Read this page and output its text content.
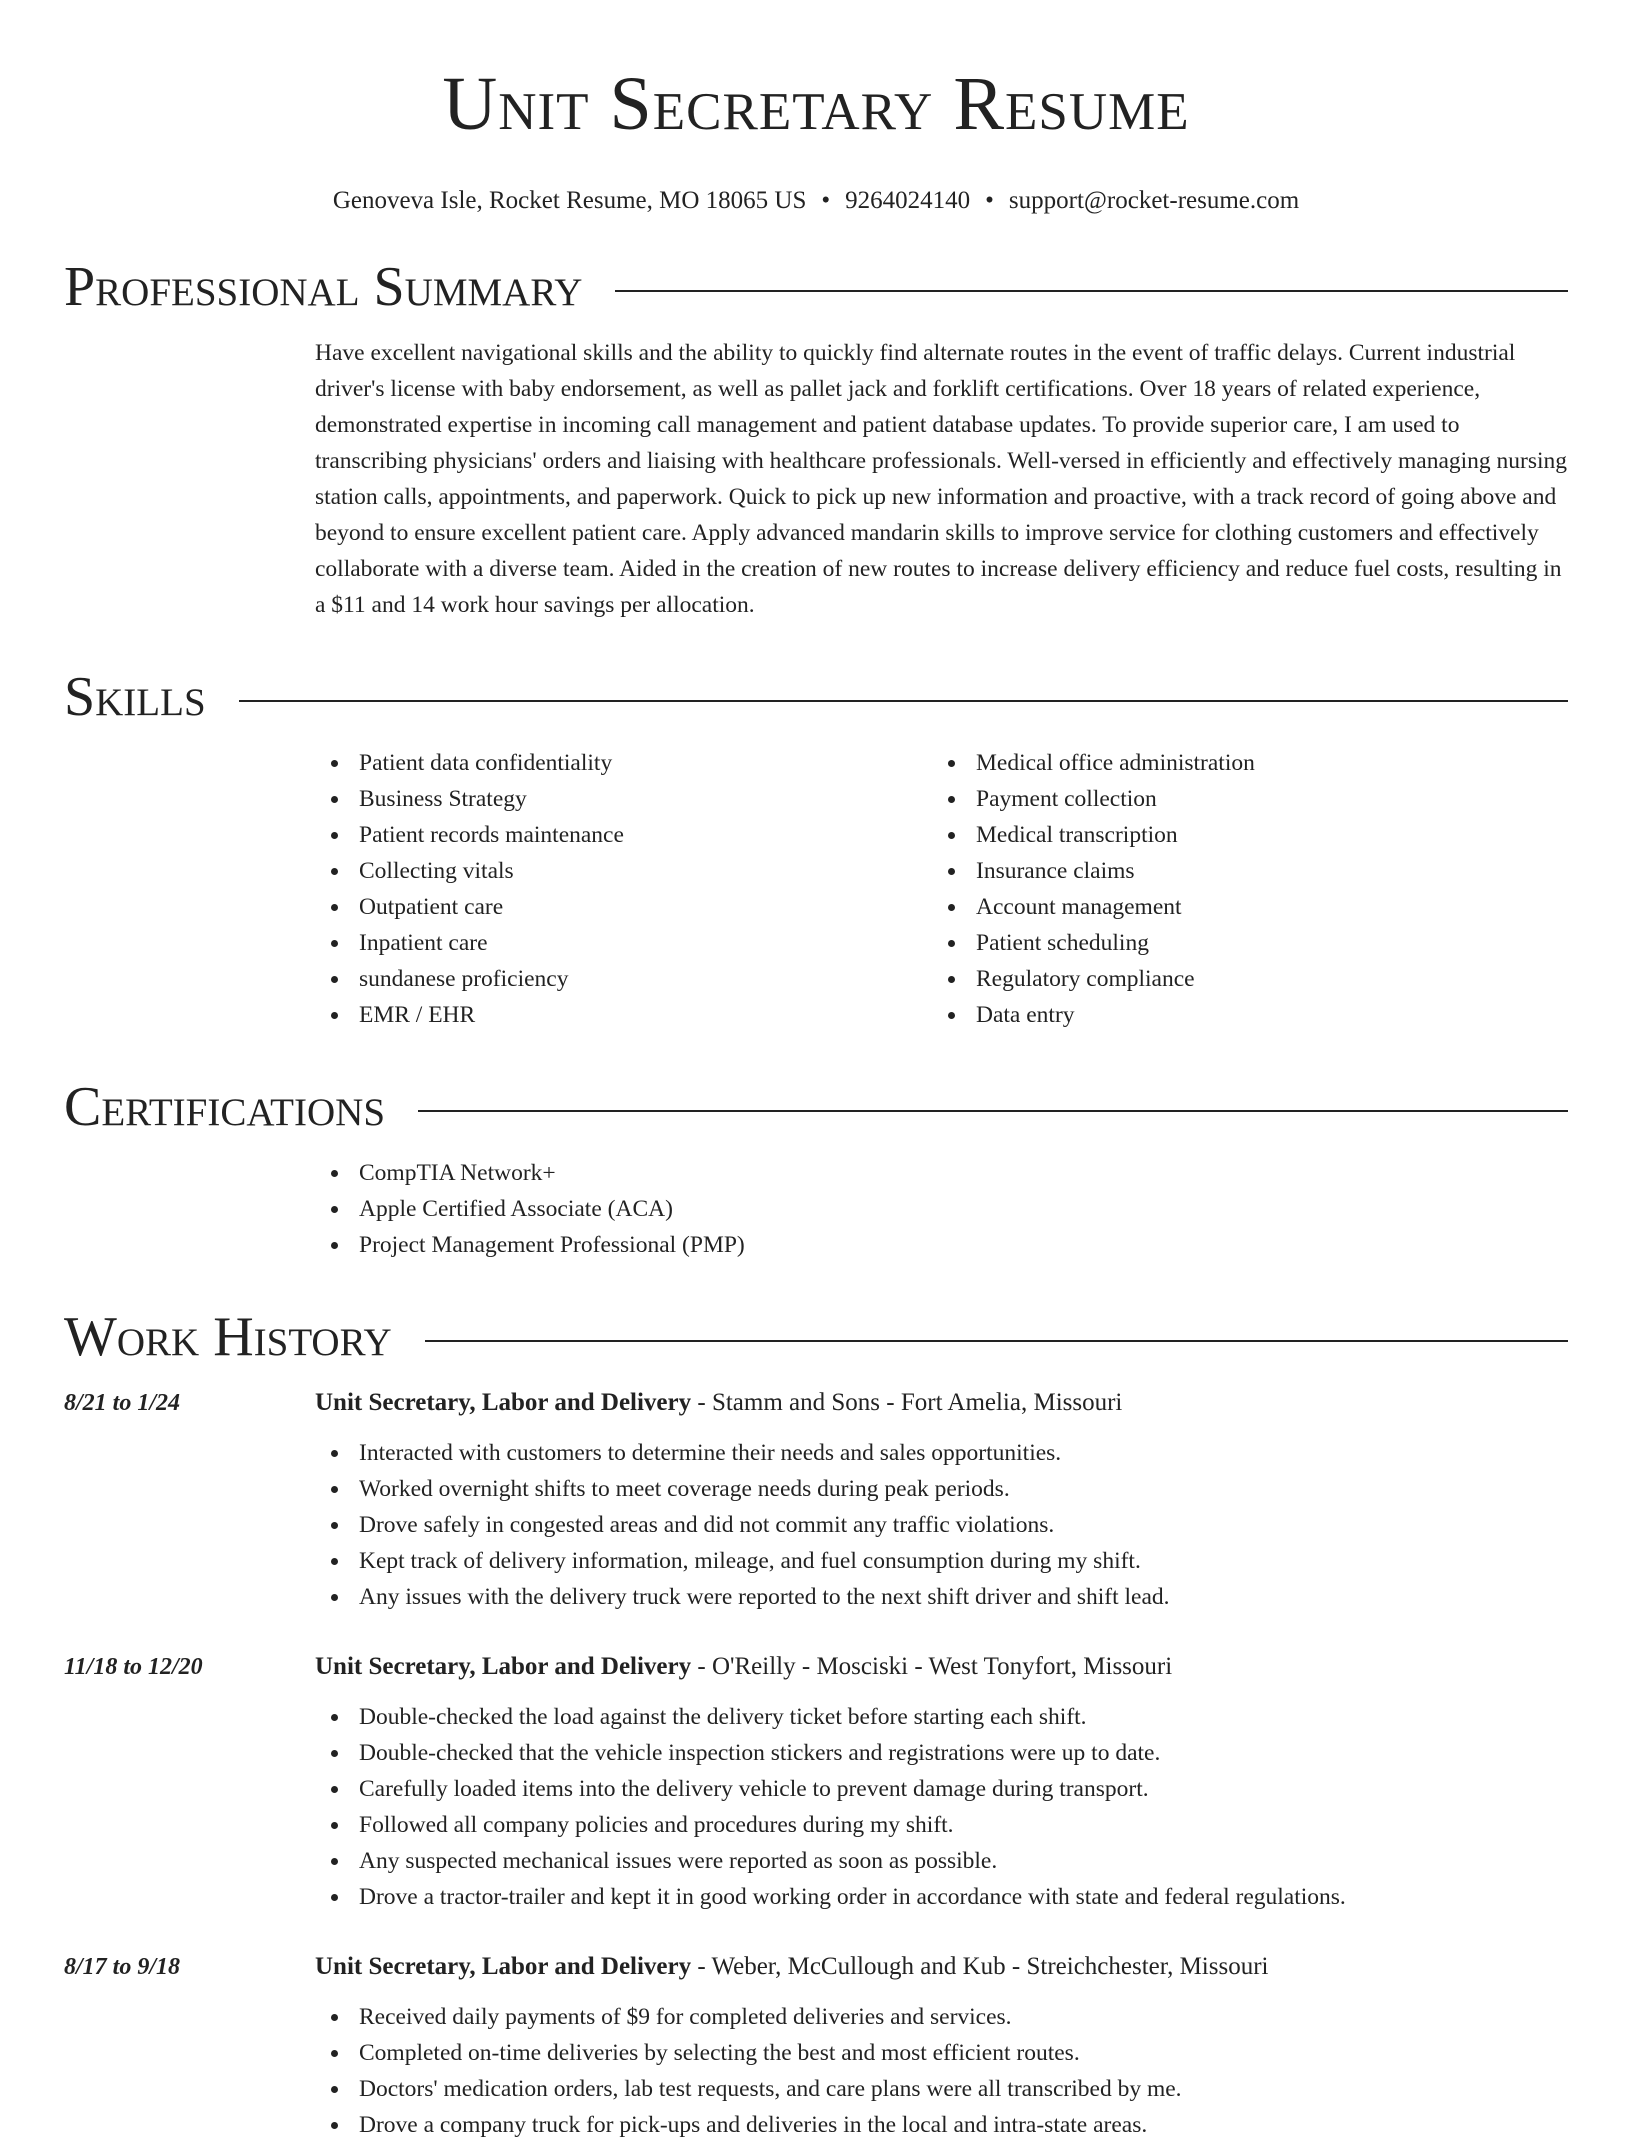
Unit Secretary Resume
Genoveva Isle, Rocket Resume, MO 18065 US • 9264024140 • support@rocket-resume.com
Professional Summary

Have excellent navigational skills and the ability to quickly find alternate routes in the event of traffic delays. Current industrial driver's license with baby endorsement, as well as pallet jack and forklift certifications. Over 18 years of related experience, demonstrated expertise in incoming call management and patient database updates. To provide superior care, I am used to transcribing physicians' orders and liaising with healthcare professionals. Well-versed in efficiently and effectively managing nursing station calls, appointments, and paperwork. Quick to pick up new information and proactive, with a track record of going above and beyond to ensure excellent patient care. Apply advanced mandarin skills to improve service for clothing customers and effectively collaborate with a diverse team. Aided in the creation of new routes to increase delivery efficiency and reduce fuel costs, resulting in a $11 and 14 work hour savings per allocation.

Skills
Patient data confidentiality
Business Strategy
Patient records maintenance
Collecting vitals
Outpatient care
Inpatient care
sundanese proficiency
EMR / EHR
Medical office administration
Payment collection
Medical transcription
Insurance claims
Account management
Patient scheduling
Regulatory compliance
Data entry
Certifications
CompTIA Network+
Apple Certified Associate (ACA)
Project Management Professional (PMP)
Work History
8/21 to 1/24	Unit Secretary, Labor and Delivery - Stamm and Sons - Fort Amelia, Missouri
Interacted with customers to determine their needs and sales opportunities.
Worked overnight shifts to meet coverage needs during peak periods.
Drove safely in congested areas and did not commit any traffic violations.
Kept track of delivery information, mileage, and fuel consumption during my shift.
Any issues with the delivery truck were reported to the next shift driver and shift lead.
11/18 to 12/20	Unit Secretary, Labor and Delivery - O'Reilly - Mosciski - West Tonyfort, Missouri
Double-checked the load against the delivery ticket before starting each shift.
Double-checked that the vehicle inspection stickers and registrations were up to date.
Carefully loaded items into the delivery vehicle to prevent damage during transport.
Followed all company policies and procedures during my shift.
Any suspected mechanical issues were reported as soon as possible.
Drove a tractor-trailer and kept it in good working order in accordance with state and federal regulations.
8/17 to 9/18	Unit Secretary, Labor and Delivery - Weber, McCullough and Kub - Streichchester, Missouri
Received daily payments of $9 for completed deliveries and services.
Completed on-time deliveries by selecting the best and most efficient routes.
Doctors' medication orders, lab test requests, and care plans were all transcribed by me.
Drove a company truck for pick-ups and deliveries in the local and intra-state areas.
